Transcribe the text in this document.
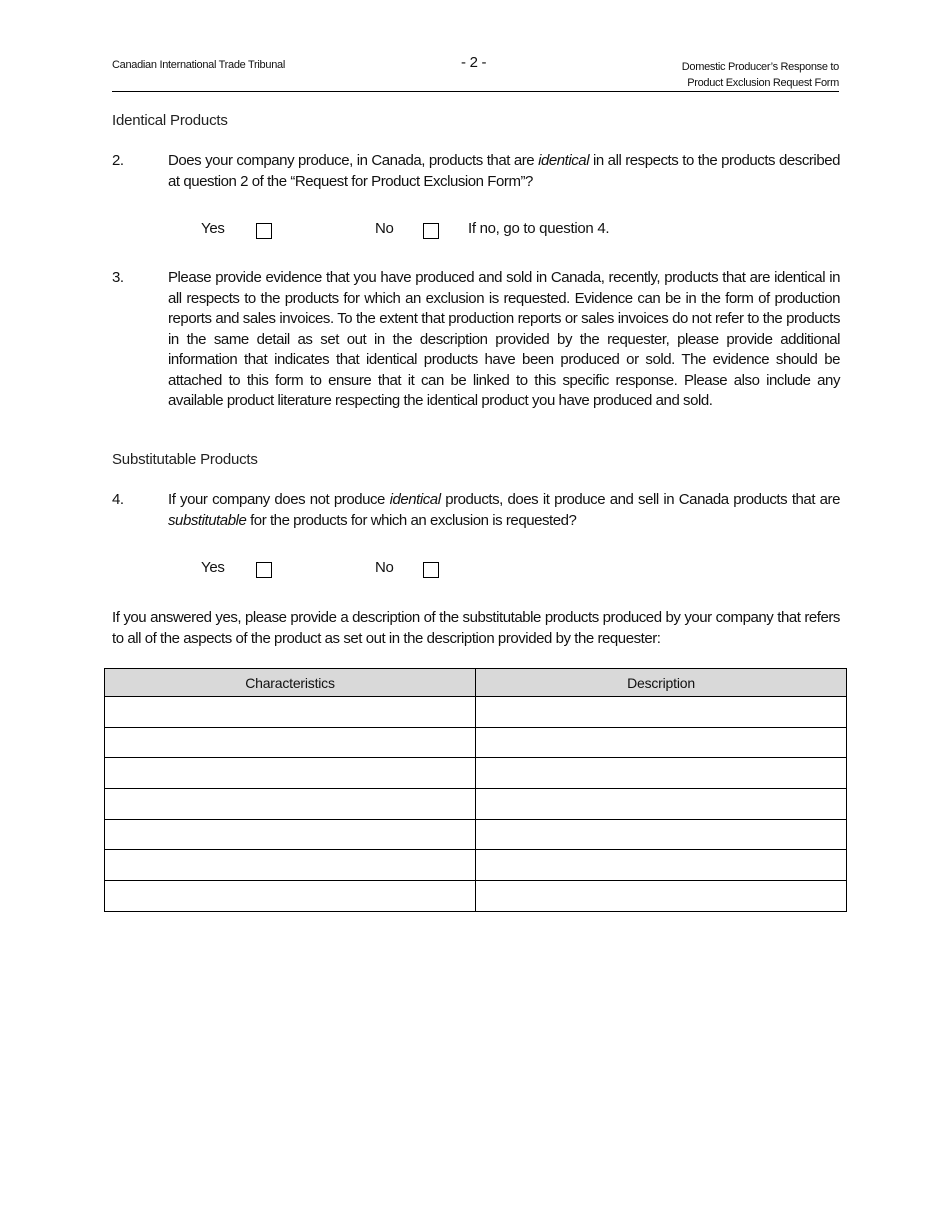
Canadian International Trade Tribunal	- 2 -	Domestic Producer’s Response to
Product Exclusion Request Form
Identical Products
2.	Does your company produce, in Canada, products that are identical in all respects to the products described at question 2 of the “Request for Product Exclusion Form”?
Yes	No	If no, go to question 4.
3.	Please provide evidence that you have produced and sold in Canada, recently, products that are identical in all respects to the products for which an exclusion is requested. Evidence can be in the form of production reports and sales invoices. To the extent that production reports or sales invoices do not refer to the products in the same detail as set out in the description provided by the requester, please provide additional information that indicates that identical products have been produced or sold. The evidence should be attached to this form to ensure that it can be linked to this specific response. Please also include any available product literature respecting the identical product you have produced and sold.
Substitutable Products
4.	If your company does not produce identical products, does it produce and sell in Canada products that are substitutable for the products for which an exclusion is requested?
Yes	No
If you answered yes, please provide a description of the substitutable products produced by your company that refers to all of the aspects of the product as set out in the description provided by the requester:
Characteristics	Description
